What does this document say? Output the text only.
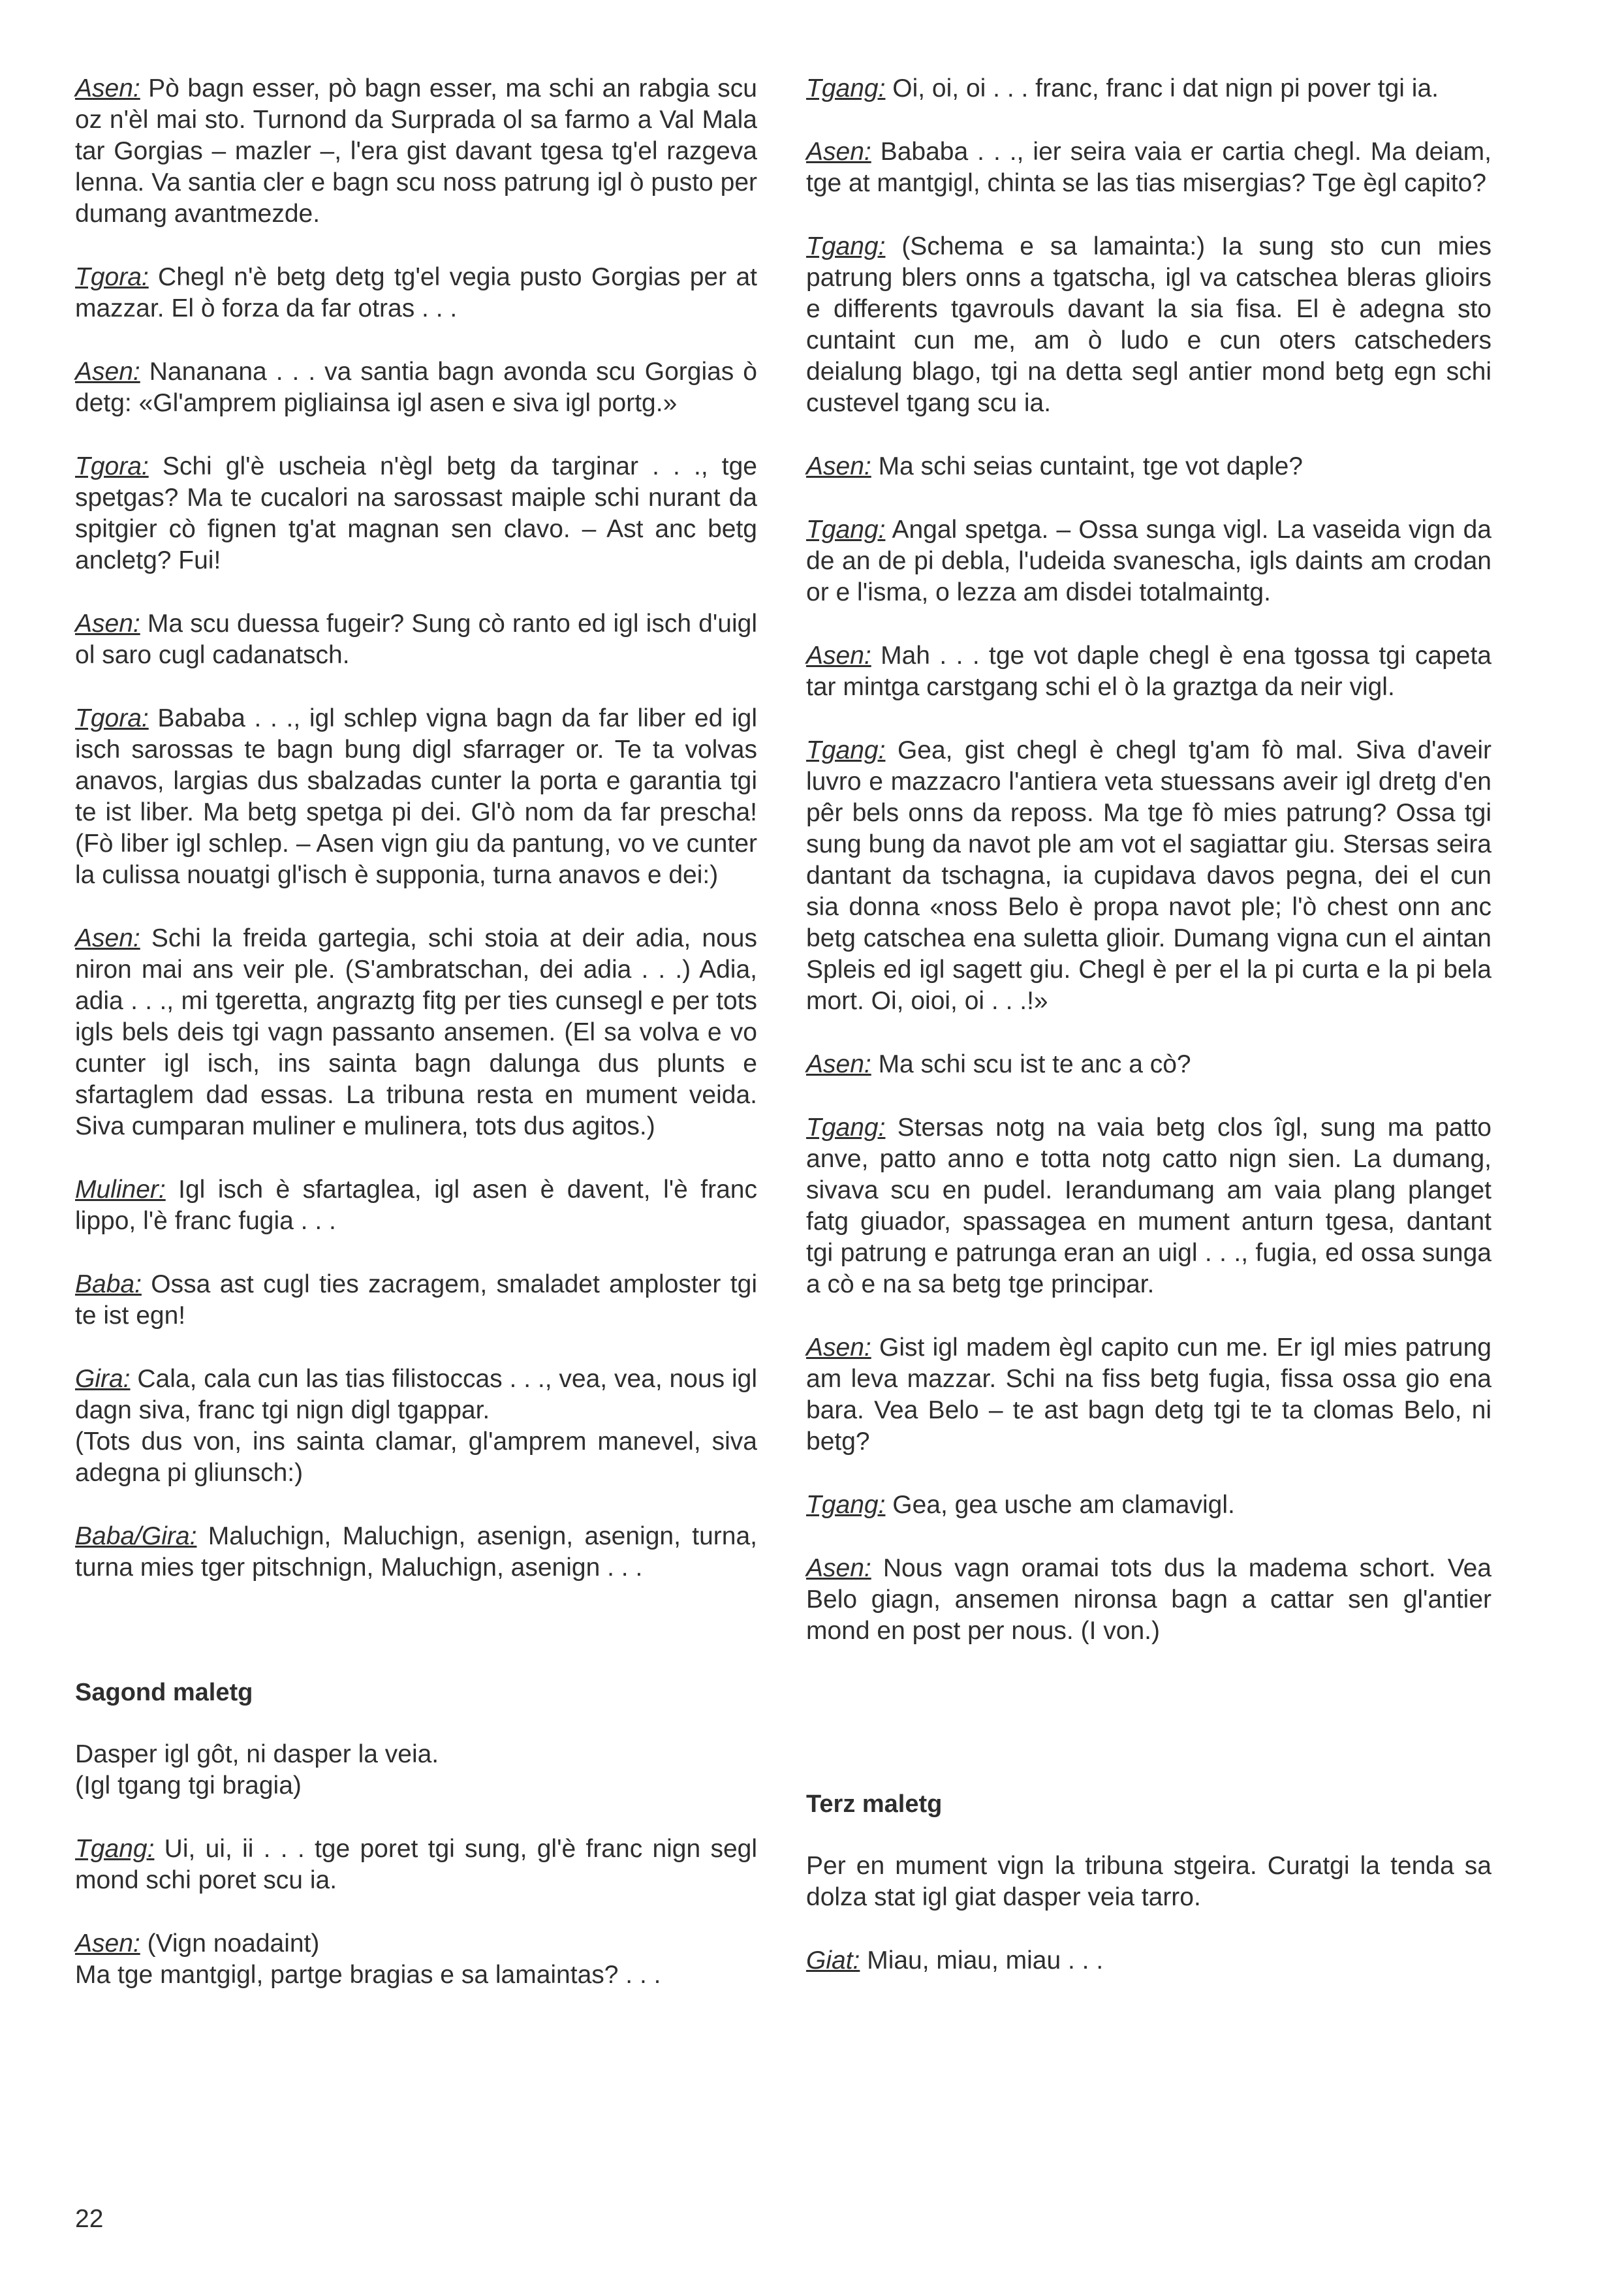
Asen: Pò bagn esser, pò bagn esser, ma schi an rabgia scu oz n'èl mai sto. Turnond da Surprada ol sa farmo a Val Mala tar Gorgias – mazler –, l'era gist davant tgesa tg'el razgeva lenna. Va santia cler e bagn scu noss patrung igl ò pusto per dumang avantmezde.

Tgora: Chegl n'è betg detg tg'el vegia pusto Gorgias per at mazzar. El ò forza da far otras . . .

Asen: Nananana . . . va santia bagn avonda scu Gorgias ò detg: «Gl'amprem pigliainsa igl asen e siva igl portg.»

Tgora: Schi gl'è uscheia n'ègl betg da targinar . . ., tge spetgas? Ma te cucalori na sarossast maiple schi nurant da spitgier cò fignen tg'at magnan sen clavo. – Ast anc betg ancletg? Fui!

Asen: Ma scu duessa fugeir? Sung cò ranto ed igl isch d'uigl ol saro cugl cadanatsch.

Tgora: Bababa . . ., igl schlep vigna bagn da far liber ed igl isch sarossas te bagn bung digl sfarrager or. Te ta volvas anavos, largias dus sbalzadas cunter la porta e garantia tgi te ist liber. Ma betg spetga pi dei. Gl'ò nom da far prescha! (Fò liber igl schlep. – Asen vign giu da pantung, vo ve cunter la culissa nouatgi gl'isch è supponia, turna anavos e dei:)

Asen: Schi la freida gartegia, schi stoia at deir adia, nous niron mai ans veir ple. (S'ambratschan, dei adia . . .) Adia, adia . . ., mi tgeretta, angraztg fitg per ties cunsegl e per tots igls bels deis tgi vagn passanto ansemen. (El sa volva e vo cunter igl isch, ins sainta bagn dalunga dus plunts e sfartaglem dad essas. La tribuna resta en mument veida. Siva cumparan muliner e mulinera, tots dus agitos.)

Muliner: Igl isch è sfartaglea, igl asen è davent, l'è franc lippo, l'è franc fugia . . .

Baba: Ossa ast cugl ties zacragem, smaladet amploster tgi te ist egn!

Gira: Cala, cala cun las tias filistoccas . . ., vea, vea, nous igl dagn siva, franc tgi nign digl tgappar.

(Tots dus von, ins sainta clamar, gl'amprem manevel, siva adegna pi gliunsch:)

Baba/Gira: Maluchign, Maluchign, asenign, asenign, turna, turna mies tger pitschnign, Maluchign, asenign . . .

Sagond maletg

Dasper igl gôt, ni dasper la veia.

(Igl tgang tgi bragia)

Tgang: Ui, ui, ii . . . tge poret tgi sung, gl'è franc nign segl mond schi poret scu ia.

Asen: (Vign noadaint)

Ma tge mantgigl, partge bragias e sa lamaintas? . . .

Tgang: Oi, oi, oi . . . franc, franc i dat nign pi pover tgi ia.

Asen: Bababa . . ., ier seira vaia er cartia chegl. Ma deiam, tge at mantgigl, chinta se las tias misergias? Tge ègl capito?

Tgang: (Schema e sa lamainta:) Ia sung sto cun mies patrung blers onns a tgatscha, igl va catschea bleras glioirs e differents tgavrouls davant la sia fisa. El è adegna sto cuntaint cun me, am ò ludo e cun oters catscheders deialung blago, tgi na detta segl antier mond betg egn schi custevel tgang scu ia.

Asen: Ma schi seias cuntaint, tge vot daple?

Tgang: Angal spetga. – Ossa sunga vigl. La vaseida vign da de an de pi debla, l'udeida svanescha, igls daints am crodan or e l'isma, o lezza am disdei totalmaintg.

Asen: Mah . . . tge vot daple chegl è ena tgossa tgi capeta tar mintga carstgang schi el ò la graztga da neir vigl.

Tgang: Gea, gist chegl è chegl tg'am fò mal. Siva d'aveir luvro e mazzacro l'antiera veta stuessans aveir igl dretg d'en pêr bels onns da reposs. Ma tge fò mies patrung? Ossa tgi sung bung da navot ple am vot el sagiattar giu. Stersas seira dantant da tschagna, ia cupidava davos pegna, dei el cun sia donna «noss Belo è propa navot ple; l'ò chest onn anc betg catschea ena suletta glioir. Dumang vigna cun el aintan Spleis ed igl sagett giu. Chegl è per el la pi curta e la pi bela mort. Oi, oioi, oi . . .!»

Asen: Ma schi scu ist te anc a cò?

Tgang: Stersas notg na vaia betg clos îgl, sung ma patto anve, patto anno e totta notg catto nign sien. La dumang, sivava scu en pudel. Ierandumang am vaia plang planget fatg giuador, spassagea en mument anturn tgesa, dantant tgi patrung e patrunga eran an uigl . . ., fugia, ed ossa sunga a cò e na sa betg tge principar.

Asen: Gist igl madem ègl capito cun me. Er igl mies patrung am leva mazzar. Schi na fiss betg fugia, fissa ossa gio ena bara. Vea Belo – te ast bagn detg tgi te ta clomas Belo, ni betg?

Tgang: Gea, gea usche am clamavigl.

Asen: Nous vagn oramai tots dus la madema schort. Vea Belo giagn, ansemen nironsa bagn a cattar sen gl'antier mond en post per nous. (I von.)

Terz maletg

Per en mument vign la tribuna stgeira. Curatgi la tenda sa dolza stat igl giat dasper veia tarro.

Giat: Miau, miau, miau . . .

22
